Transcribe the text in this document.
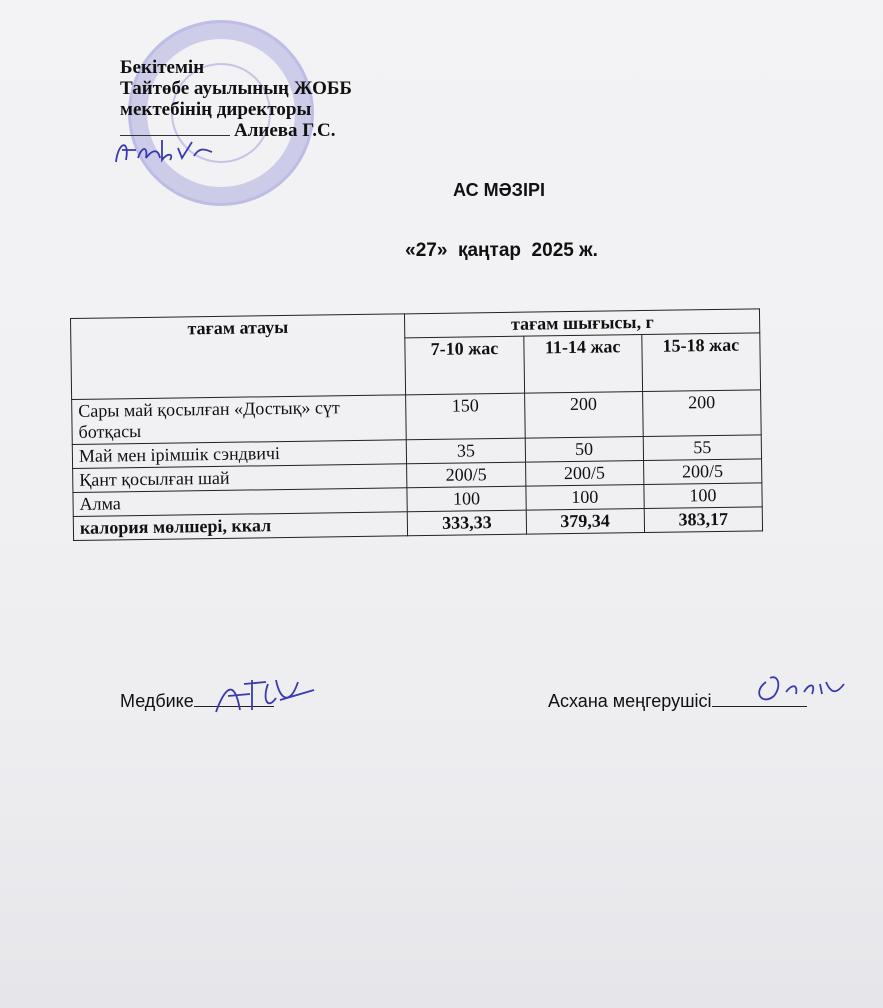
Бекітемін
Тайтөбе ауылының ЖОББ
мектебінің директоры
Алиева Г.С.
АС МӘЗІРІ
«27»  қаңтар  2025 ж.
тағам атауы	тағам шығысы, г		
	7-10 жас	11-14 жас	15-18 жас
Сары май қосылған «Достық» сүт ботқасы	150	200	200
Май мен ірімшік сэндвичі	35	50	55
Қант қосылған шай	200/5	200/5	200/5
Алма	100	100	100
калория мөлшері, ккал	333,33	379,34	383,17
Медбике	Асхана меңгерушісі
